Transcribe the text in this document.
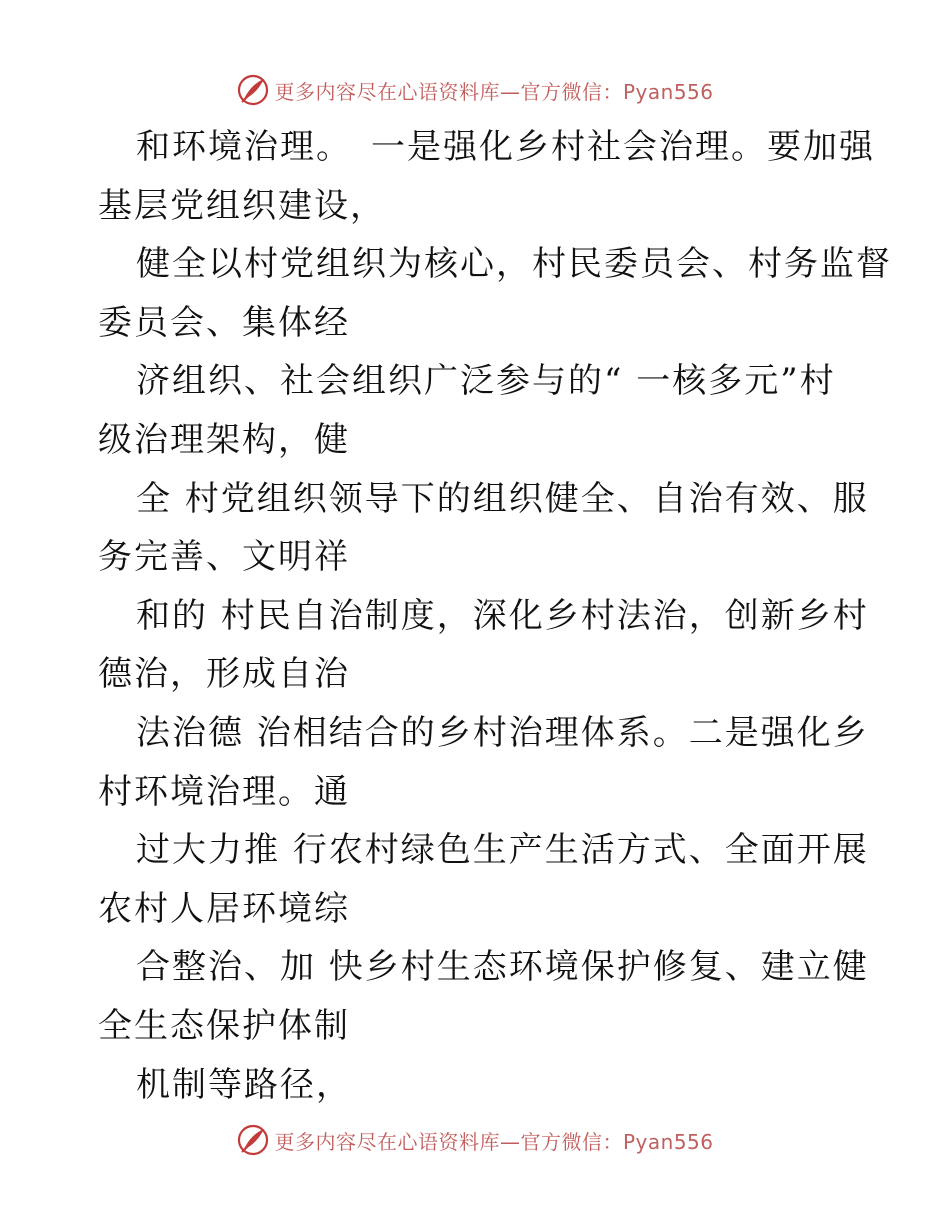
更多内容尽在心语资料库—官方微信：Pyan556
和环境治理。　一是强化乡村社会治理。要加强
基层党组织建设，
健全以村党组织为核心，村民委员会、村务监督
委员会、集体经
济组织、社会组织广泛参与的“ 一核多元”村
级治理架构，健
全 村党组织领导下的组织健全、自治有效、服
务完善、文明祥
和的 村民自治制度，深化乡村法治，创新乡村
德治，形成自治
法治德 治相结合的乡村治理体系。二是强化乡
村环境治理。通
过大力推 行农村绿色生产生活方式、全面开展
农村人居环境综
合整治、加 快乡村生态环境保护修复、建立健
全生态保护体制
机制等路径，
更多内容尽在心语资料库—官方微信：Pyan556
